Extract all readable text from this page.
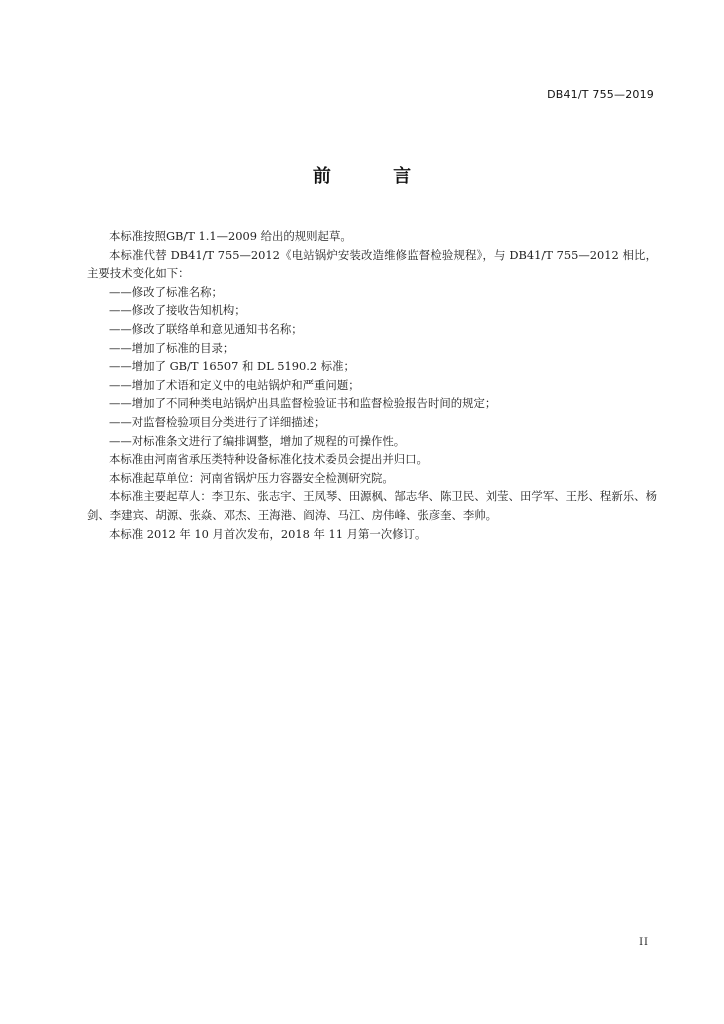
DB41/T 755—2019
前 言

本标准按照GB/T 1.1—2009 给出的规则起草。

本标准代替 DB41/T 755—2012《电站锅炉安装改造维修监督检验规程》，与 DB41/T 755—2012 相比，主要技术变化如下：

——修改了标准名称；

——修改了接收告知机构；

——修改了联络单和意见通知书名称；

——增加了标准的目录；

——增加了 GB/T 16507 和 DL 5190.2 标准；

——增加了术语和定义中的电站锅炉和严重问题；

——增加了不同种类电站锅炉出具监督检验证书和监督检验报告时间的规定；

——对监督检验项目分类进行了详细描述；

——对标准条文进行了编排调整，增加了规程的可操作性。

本标准由河南省承压类特种设备标准化技术委员会提出并归口。

本标准起草单位：河南省锅炉压力容器安全检测研究院。

本标准主要起草人：李卫东、张志宇、王凤琴、田源枫、郜志华、陈卫民、刘莹、田学军、王彤、程新乐、杨剑、李建宾、胡源、张焱、邓杰、王海港、阎涛、马江、房伟峰、张彦奎、李帅。

本标准 2012 年 10 月首次发布，2018 年 11 月第一次修订。

II
